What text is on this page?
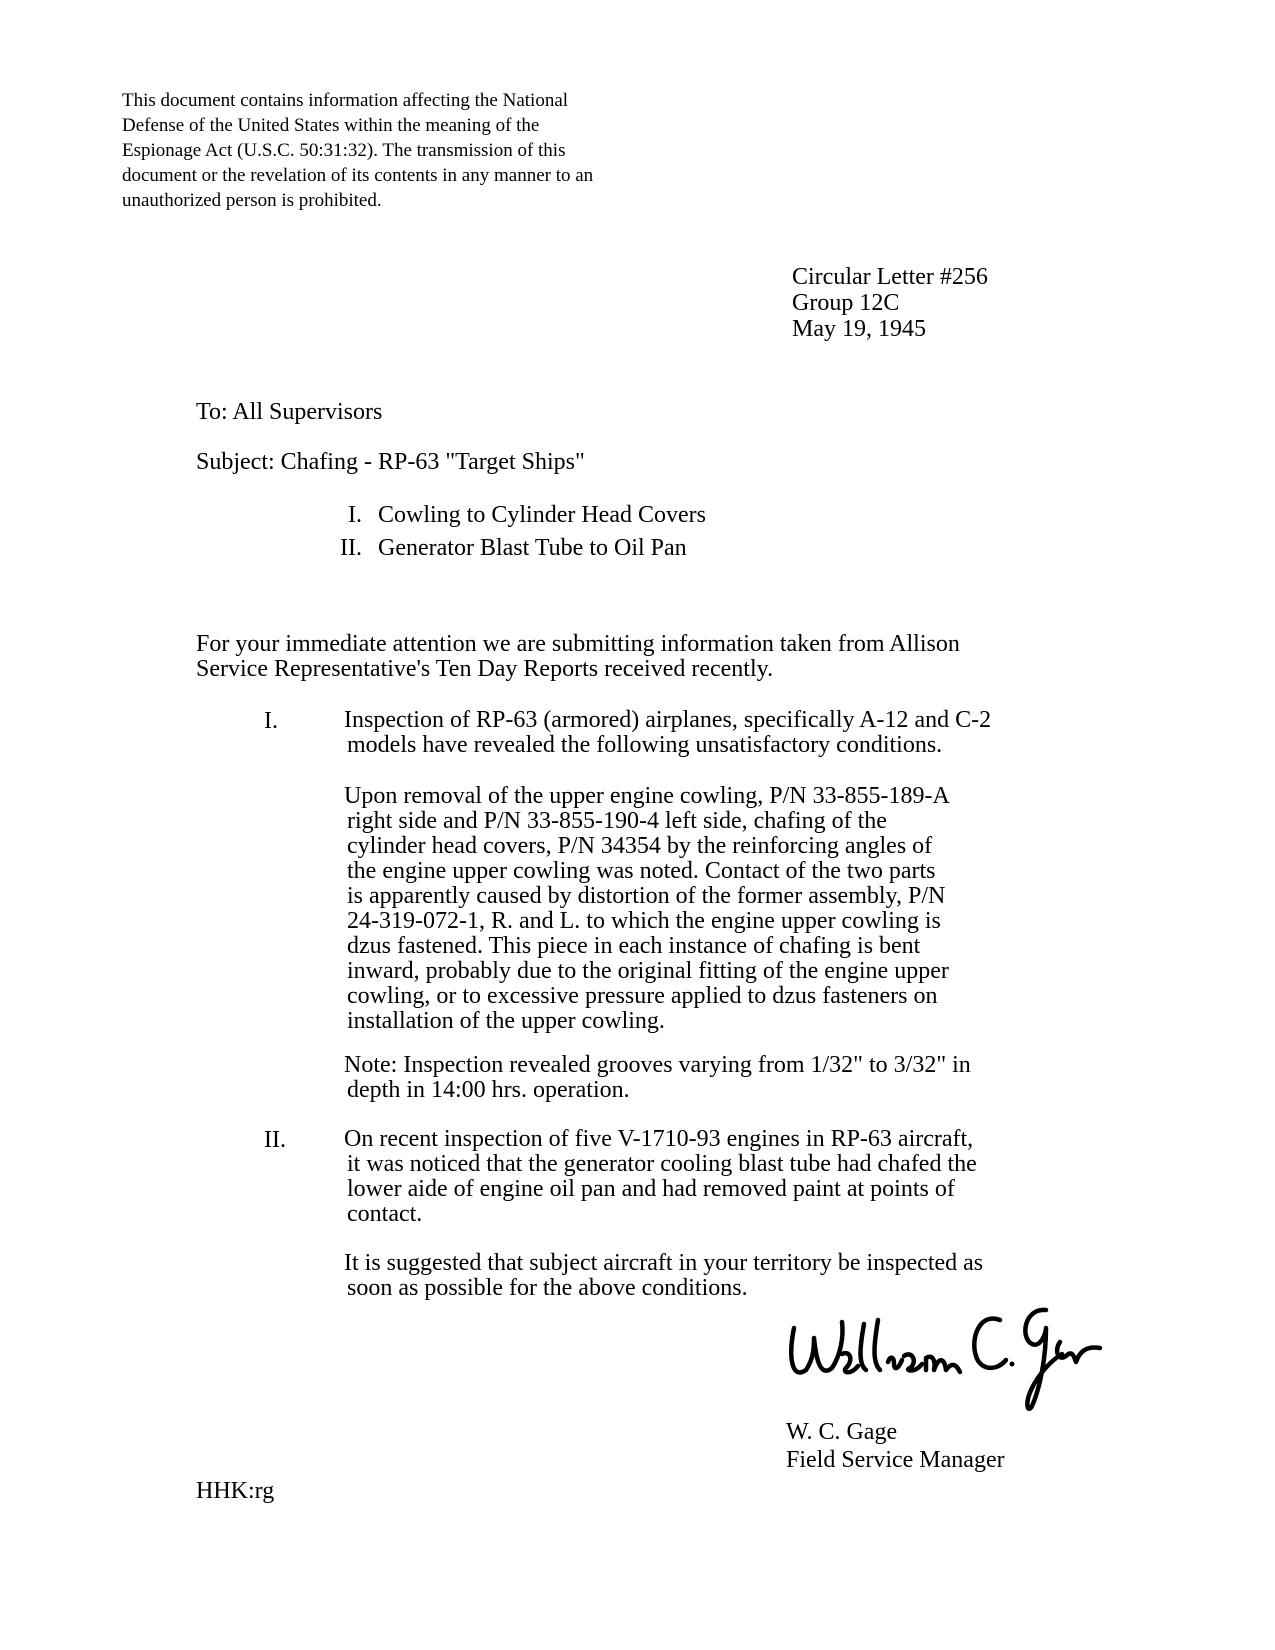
This document contains information affecting the National
Defense of the United States within the meaning of the
Espionage Act (U.S.C. 50:31:32). The transmission of this
document or the revelation of its contents in any manner to an
unauthorized person is prohibited.
Circular Letter #256
Group 12C
May 19, 1945
To: All Supervisors
Subject: Chafing - RP-63 "Target Ships"
I. Cowling to Cylinder Head Covers
II. Generator Blast Tube to Oil Pan
For your immediate attention we are submitting information taken from Allison
Service Representative's Ten Day Reports received recently.
I.	Inspection of RP-63 (armored) airplanes, specifically A-12 and C-2
models have revealed the following unsatisfactory conditions.
Upon removal of the upper engine cowling, P/N 33-855-189-A
right side and P/N 33-855-190-4 left side, chafing of the
cylinder head covers, P/N 34354 by the reinforcing angles of
the engine upper cowling was noted. Contact of the two parts
is apparently caused by distortion of the former assembly, P/N
24-319-072-1, R. and L. to which the engine upper cowling is
dzus fastened. This piece in each instance of chafing is bent
inward, probably due to the original fitting of the engine upper
cowling, or to excessive pressure applied to dzus fasteners on
installation of the upper cowling.
Note: Inspection revealed grooves varying from 1/32" to 3/32" in
depth in 14:00 hrs. operation.
II. On recent inspection of five V-1710-93 engines in RP-63 aircraft,
it was noticed that the generator cooling blast tube had chafed the
lower aide of engine oil pan and had removed paint at points of
contact.
It is suggested that subject aircraft in your territory be inspected as
soon as possible for the above conditions.
W. C. Gage
Field Service Manager
HHK:rg
